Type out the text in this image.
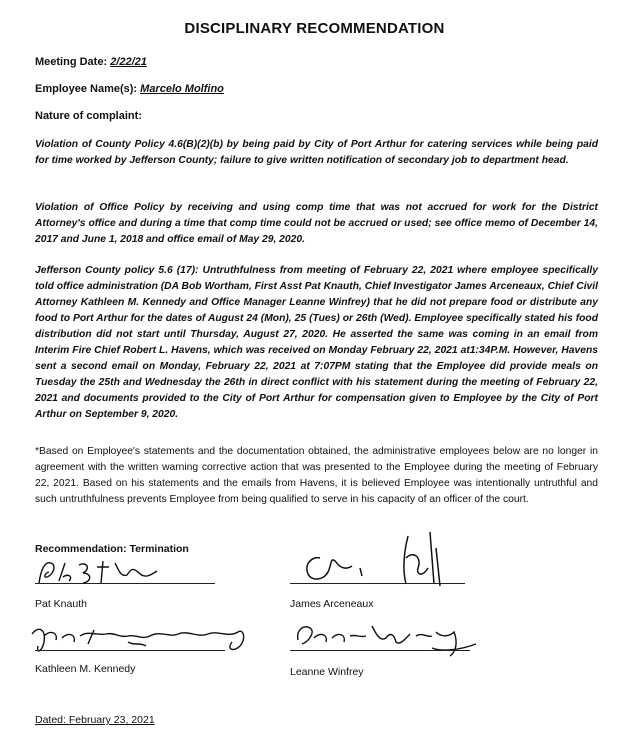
DISCIPLINARY RECOMMENDATION
Meeting Date: 2/22/21
Employee Name(s): Marcelo Molfino
Nature of complaint:
Violation of County Policy 4.6(B)(2)(b) by being paid by City of Port Arthur for catering services while being paid for time worked by Jefferson County; failure to give written notification of secondary job to department head.
Violation of Office Policy by receiving and using comp time that was not accrued for work for the District Attorney's office and during a time that comp time could not be accrued or used; see office memo of December 14, 2017 and June 1, 2018 and office email of May 29, 2020.
Jefferson County policy 5.6 (17): Untruthfulness from meeting of February 22, 2021 where employee specifically told office administration (DA Bob Wortham, First Asst Pat Knauth, Chief Investigator James Arceneaux, Chief Civil Attorney Kathleen M. Kennedy and Office Manager Leanne Winfrey) that he did not prepare food or distribute any food to Port Arthur for the dates of August 24 (Mon), 25 (Tues) or 26th (Wed). Employee specifically stated his food distribution did not start until Thursday, August 27, 2020. He asserted the same was coming in an email from Interim Fire Chief Robert L. Havens, which was received on Monday February 22, 2021 at1:34P.M. However, Havens sent a second email on Monday, February 22, 2021 at 7:07PM stating that the Employee did provide meals on Tuesday the 25th and Wednesday the 26th in direct conflict with his statement during the meeting of February 22, 2021 and documents provided to the City of Port Arthur for compensation given to Employee by the City of Port Arthur on September 9, 2020.
*Based on Employee's statements and the documentation obtained, the administrative employees below are no longer in agreement with the written warning corrective action that was presented to the Employee during the meeting of February 22, 2021. Based on his statements and the emails from Havens, it is believed Employee was intentionally untruthful and such untruthfulness prevents Employee from being qualified to serve in his capacity of an officer of the court.
Recommendation: Termination
Pat Knauth	James Arceneaux
Kathleen M. Kennedy	Leanne Winfrey
Dated: February 23, 2021
